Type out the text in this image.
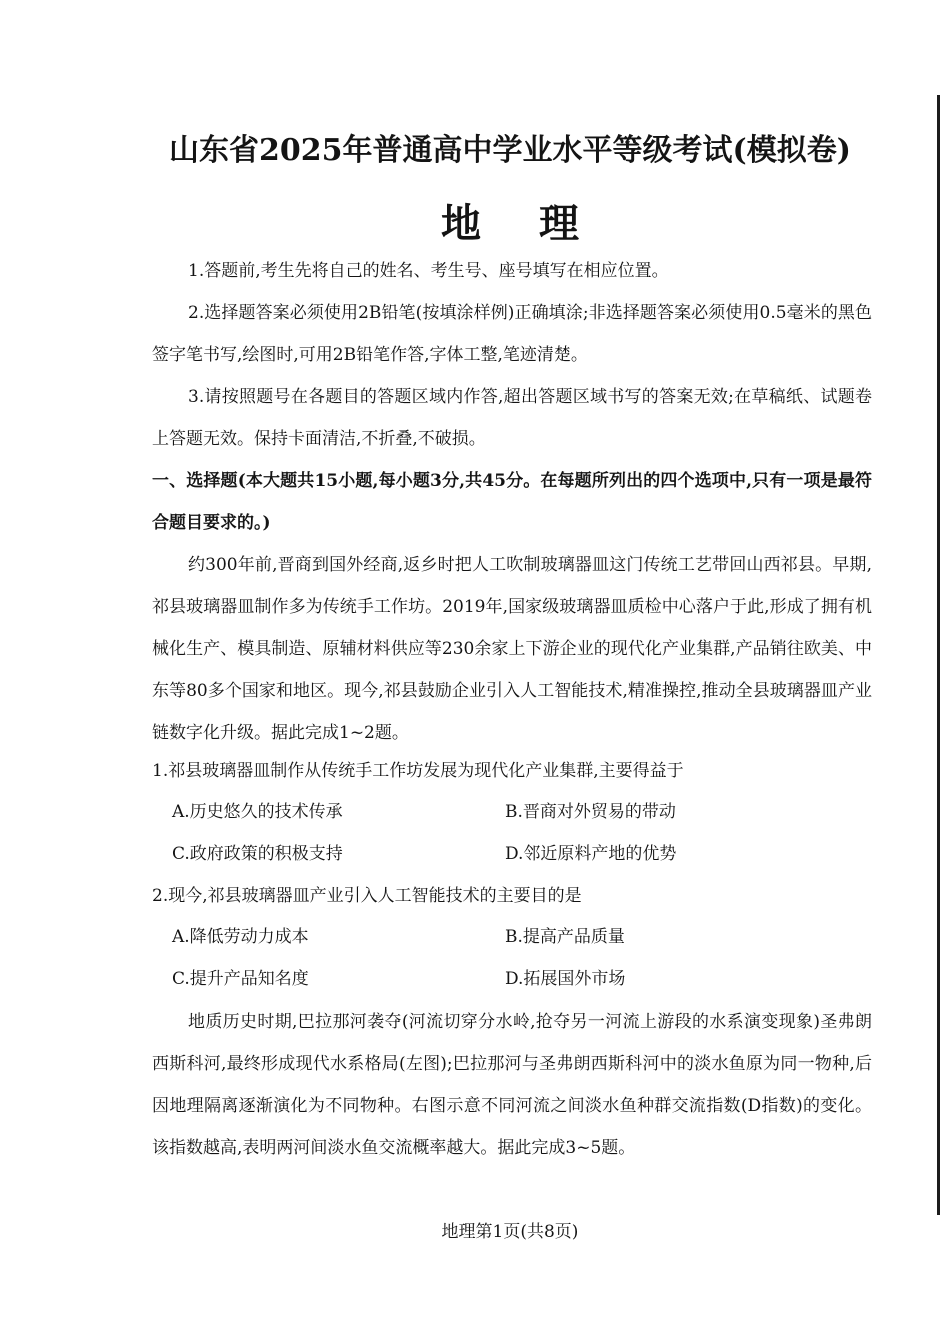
山东省2025年普通高中学业水平等级考试(模拟卷)
地 理
1.答题前,考生先将自己的姓名、考生号、座号填写在相应位置。
2.选择题答案必须使用2B铅笔(按填涂样例)正确填涂;非选择题答案必须使用0.5毫米的黑色签字笔书写,绘图时,可用2B铅笔作答,字体工整,笔迹清楚。
3.请按照题号在各题目的答题区域内作答,超出答题区域书写的答案无效;在草稿纸、试题卷上答题无效。保持卡面清洁,不折叠,不破损。
一、选择题(本大题共15小题,每小题3分,共45分。在每题所列出的四个选项中,只有一项是最符合题目要求的。)
约300年前,晋商到国外经商,返乡时把人工吹制玻璃器皿这门传统工艺带回山西祁县。早期,祁县玻璃器皿制作多为传统手工作坊。2019年,国家级玻璃器皿质检中心落户于此,形成了拥有机械化生产、模具制造、原辅材料供应等230余家上下游企业的现代化产业集群,产品销往欧美、中东等80多个国家和地区。现今,祁县鼓励企业引入人工智能技术,精准操控,推动全县玻璃器皿产业链数字化升级。据此完成1~2题。
1.祁县玻璃器皿制作从传统手工作坊发展为现代化产业集群,主要得益于
A.历史悠久的技术传承	B.晋商对外贸易的带动
C.政府政策的积极支持	D.邻近原料产地的优势
2.现今,祁县玻璃器皿产业引入人工智能技术的主要目的是
A.降低劳动力成本	B.提高产品质量
C.提升产品知名度	D.拓展国外市场
地质历史时期,巴拉那河袭夺(河流切穿分水岭,抢夺另一河流上游段的水系演变现象)圣弗朗西斯科河,最终形成现代水系格局(左图);巴拉那河与圣弗朗西斯科河中的淡水鱼原为同一物种,后因地理隔离逐渐演化为不同物种。右图示意不同河流之间淡水鱼种群交流指数(D指数)的变化。该指数越高,表明两河间淡水鱼交流概率越大。据此完成3~5题。
地理第1页(共8页)
